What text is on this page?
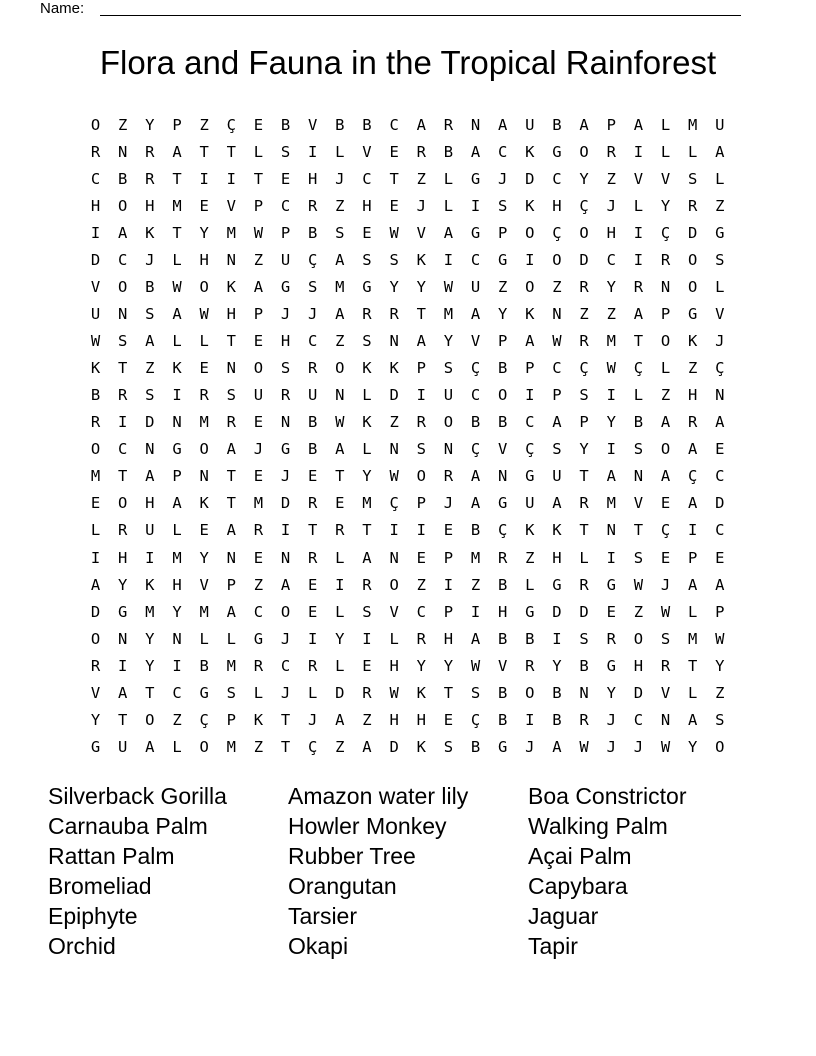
Name:
Flora and Fauna in the Tropical Rainforest
O	Z	Y	P	Z	Ç	E	B	V	B	B	C	A	R	N	A	U	B	A	P	A	L	M	U
R	N	R	A	T	T	L	S	I	L	V	E	R	B	A	C	K	G	O	R	I	L	L	A
C	B	R	T	I	I	T	E	H	J	C	T	Z	L	G	J	D	C	Y	Z	V	V	S	L
H	O	H	M	E	V	P	C	R	Z	H	E	J	L	I	S	K	H	Ç	J	L	Y	R	Z
I	A	K	T	Y	M	W	P	B	S	E	W	V	A	G	P	O	Ç	O	H	I	Ç	D	G
D	C	J	L	H	N	Z	U	Ç	A	S	S	K	I	C	G	I	O	D	C	I	R	O	S
V	O	B	W	O	K	A	G	S	M	G	Y	Y	W	U	Z	O	Z	R	Y	R	N	O	L
U	N	S	A	W	H	P	J	J	A	R	R	T	M	A	Y	K	N	Z	Z	A	P	G	V
W	S	A	L	L	T	E	H	C	Z	S	N	A	Y	V	P	A	W	R	M	T	O	K	J
K	T	Z	K	E	N	O	S	R	O	K	K	P	S	Ç	B	P	C	Ç	W	Ç	L	Z	Ç
B	R	S	I	R	S	U	R	U	N	L	D	I	U	C	O	I	P	S	I	L	Z	H	N
R	I	D	N	M	R	E	N	B	W	K	Z	R	O	B	B	C	A	P	Y	B	A	R	A
O	C	N	G	O	A	J	G	B	A	L	N	S	N	Ç	V	Ç	S	Y	I	S	O	A	E
M	T	A	P	N	T	E	J	E	T	Y	W	O	R	A	N	G	U	T	A	N	A	Ç	C
E	O	H	A	K	T	M	D	R	E	M	Ç	P	J	A	G	U	A	R	M	V	E	A	D
L	R	U	L	E	A	R	I	T	R	T	I	I	E	B	Ç	K	K	T	N	T	Ç	I	C
I	H	I	M	Y	N	E	N	R	L	A	N	E	P	M	R	Z	H	L	I	S	E	P	E
A	Y	K	H	V	P	Z	A	E	I	R	O	Z	I	Z	B	L	G	R	G	W	J	A	A
D	G	M	Y	M	A	C	O	E	L	S	V	C	P	I	H	G	D	D	E	Z	W	L	P
O	N	Y	N	L	L	G	J	I	Y	I	L	R	H	A	B	B	I	S	R	O	S	M	W
R	I	Y	I	B	M	R	C	R	L	E	H	Y	Y	W	V	R	Y	B	G	H	R	T	Y
V	A	T	C	G	S	L	J	L	D	R	W	K	T	S	B	O	B	N	Y	D	V	L	Z
Y	T	O	Z	Ç	P	K	T	J	A	Z	H	H	E	Ç	B	I	B	R	J	C	N	A	S
G	U	A	L	O	M	Z	T	Ç	Z	A	D	K	S	B	G	J	A	W	J	J	W	Y	O
Silverback Gorilla
Carnauba Palm
Rattan Palm
Bromeliad
Epiphyte
Orchid
Amazon water lily
Howler Monkey
Rubber Tree
Orangutan
Tarsier
Okapi
Boa Constrictor
Walking Palm
Açai Palm
Capybara
Jaguar
Tapir
